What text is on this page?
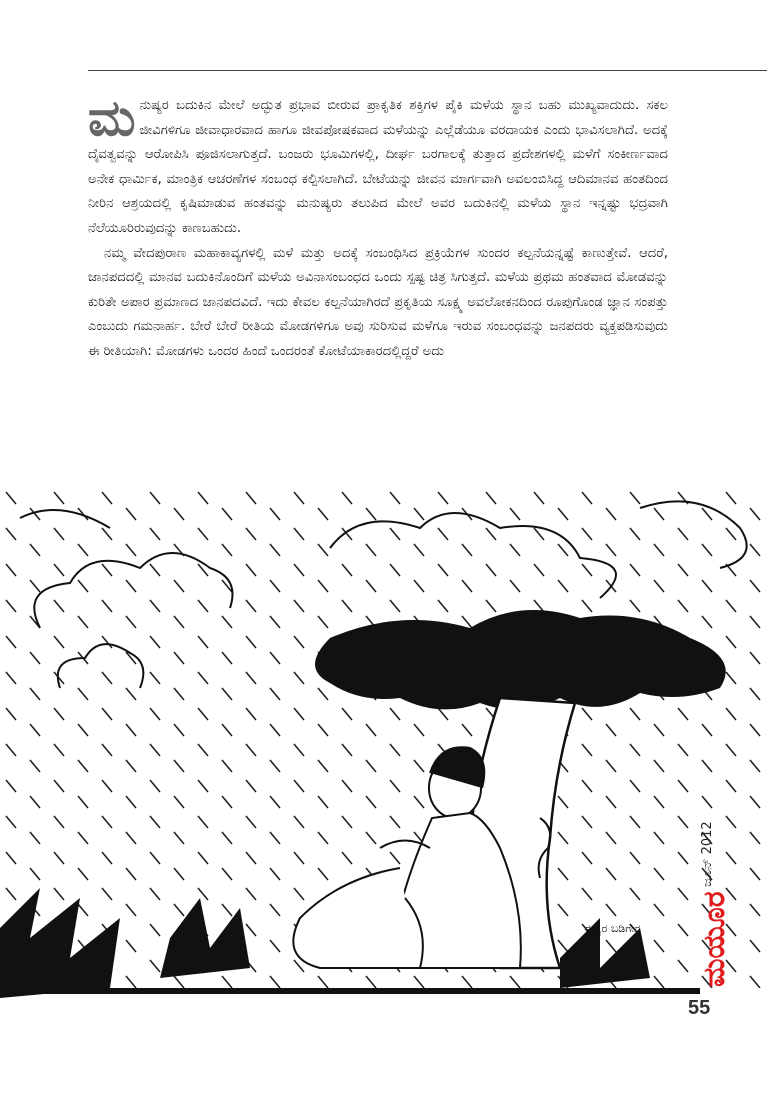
ಮನುಷ್ಯರ ಬದುಕಿನ ಮೇಲೆ ಅದ್ಭುತ ಪ್ರಭಾವ ಬೀರುವ ಪ್ರಾಕೃತಿಕ ಶಕ್ತಿಗಳ ಪೈಕಿ ಮಳೆಯ ಸ್ಥಾನ ಬಹು ಮುಖ್ಯವಾದುದು. ಸಕಲ ಜೀವಿಗಳಿಗೂ ಜೀವಾಧಾರವಾದ ಹಾಗೂ ಜೀವಪೋಷಕವಾದ ಮಳೆಯನ್ನು ಎಲ್ಲೆಡೆಯೂ ವರದಾಯಕ ಎಂದು ಭಾವಿಸಲಾಗಿದೆ. ಅದಕ್ಕೆ ದೈವತ್ವವನ್ನು ಆರೋಪಿಸಿ ಪೂಜಿಸಲಾಗುತ್ತದೆ. ಬಂಜರು ಭೂಮಿಗಳಲ್ಲಿ, ದೀರ್ಘ ಬರಗಾಲಕ್ಕೆ ತುತ್ತಾದ ಪ್ರದೇಶಗಳಲ್ಲಿ ಮಳೆಗೆ ಸಂಕೀರ್ಣವಾದ ಅನೇಕ ಧಾರ್ಮಿಕ, ಮಾಂತ್ರಿಕ ಆಚರಣೆಗಳ ಸಂಬಂಧ ಕಲ್ಪಿಸಲಾಗಿದೆ. ಬೇಟೆಯನ್ನು ಜೀವನ ಮಾರ್ಗವಾಗಿ ಅವಲಂಬಿಸಿದ್ದ ಆದಿಮಾನವ ಹಂತದಿಂದ ನೀರಿನ ಆಶ್ರಯದಲ್ಲಿ ಕೃಷಿಮಾಡುವ ಹಂತವನ್ನು ಮನುಷ್ಯರು ತಲುಪಿದ ಮೇಲೆ ಅವರ ಬದುಕಿನಲ್ಲಿ ಮಳೆಯ ಸ್ಥಾನ ಇನ್ನಷ್ಟು ಭದ್ರವಾಗಿ ನೆಲೆಯೂರಿರುವುದನ್ನು ಕಾಣಬಹುದು.

ನಮ್ಮ ವೇದಪುರಾಣ ಮಹಾಕಾವ್ಯಗಳಲ್ಲಿ ಮಳೆ ಮತ್ತು ಅದಕ್ಕೆ ಸಂಬಂಧಿಸಿದ ಪ್ರಕ್ರಿಯೆಗಳ ಸುಂದರ ಕಲ್ಪನೆಯನ್ನಷ್ಟೆ ಕಾಣುತ್ತೇವೆ. ಆದರೆ, ಜಾನಪದದಲ್ಲಿ ಮಾನವ ಬದುಕಿನೊಂದಿಗೆ ಮಳೆಯ ಅವಿನಾಸಂಬಂಧದ ಒಂದು ಸ್ಪಷ್ಟ ಚಿತ್ರ ಸಿಗುತ್ತದೆ. ಮಳೆಯ ಪ್ರಥಮ ಹಂತವಾದ ಮೋಡವನ್ನು ಕುರಿತೇ ಅಪಾರ ಪ್ರಮಾಣದ ಜಾನಪದವಿದೆ. ಇದು ಕೇವಲ ಕಲ್ಪನೆಯಾಗಿರದೆ ಪ್ರಕೃತಿಯ ಸೂಕ್ಷ್ಮ ಅವಲೋಕನದಿಂದ ರೂಪುಗೊಂಡ ಜ್ಞಾನ ಸಂಪತ್ತು ಎಂಬುದು ಗಮನಾರ್ಹ. ಬೇರೆ ಬೇರೆ ರೀತಿಯ ಮೋಡಗಳಿಗೂ ಅವು ಸುರಿಸುವ ಮಳೆಗೂ ಇರುವ ಸಂಬಂಧವನ್ನು ಜನಪದರು ವ್ಯಕ್ತಪಡಿಸುವುದು ಈ ರೀತಿಯಾಗಿ: ಮೋಡಗಳು ಒಂದರ ಹಿಂದೆ ಒಂದರಂತೆ ಕೋಟೆಯಾಕಾರದಲ್ಲಿದ್ದರೆ ಅದು

ಜೂನ್ 2012
ಮಯೂರ
ಈಶ್ವರ ಬಡಿಗೇರ
55
